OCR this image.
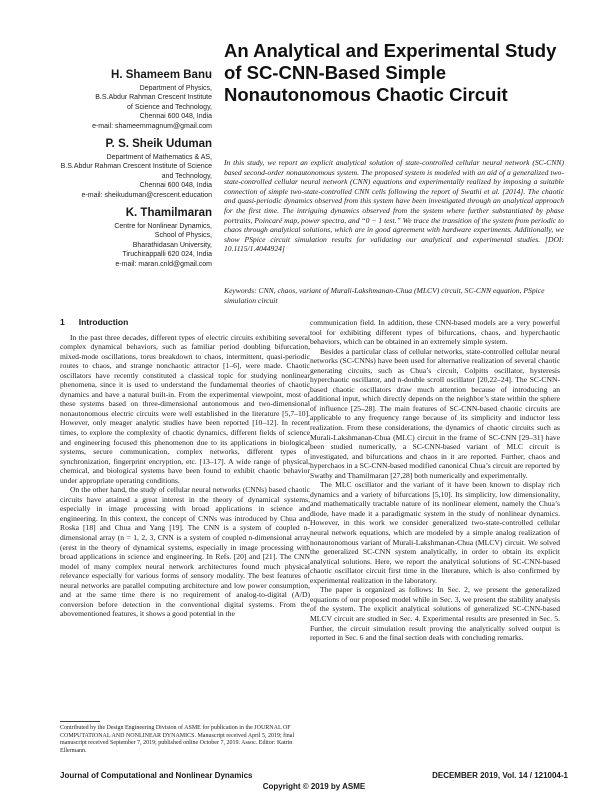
H. Shameem Banu
Department of Physics,
B.S.Abdur Rahman Crescent Institute
of Science and Technology,
Chennai 600 048, India
e-mail: shameemmagnum@gmail.com
P. S. Sheik Uduman
Department of Mathematics & AS,
B.S.Abdur Rahman Crescent Institute of Science
and Technology,
Chennai 600 048, India
e-mail: sheikuduman@crescent.education
K. Thamilmaran
Centre for Nonlinear Dynamics,
School of Physics,
Bharathidasan University,
Tiruchirappalli 620 024, India
e-mail: maran.cnld@gmail.com
An Analytical and Experimental Study of SC-CNN-Based Simple Nonautonomous Chaotic Circuit
In this study, we report an explicit analytical solution of state-controlled cellular neural network (SC-CNN) based second-order nonautonomous system. The proposed system is modeled with an aid of a generalized two-state-controlled cellular neural network (CNN) equations and experimentally realized by imposing a suitable connection of simple two-state-controlled CNN cells following the report of Swathi et al. [2014]. The chaotic and quasi-periodic dynamics observed from this system have been investigated through an analytical approach for the first time. The intriguing dynamics observed from the system where further substantiated by phase portraits, Poincaré map, power spectra, and “0 − 1 test.” We trace the transition of the system from periodic to chaos through analytical solutions, which are in good agreement with hardware experiments. Additionally, we show PSpice circuit simulation results for validating our analytical and experimental studies. [DOI: 10.1115/1.4044924]
Keywords: CNN, chaos, variant of Murali-Lakshmanan-Chua (MLCV) circuit, SC-CNN equation, PSpice simulation circuit
1 Introduction

In the past three decades, different types of electric circuits exhibiting several complex dynamical behaviors, such as familiar period doubling bifurcation, mixed-mode oscillations, torus breakdown to chaos, intermittent, quasi-periodic routes to chaos, and strange nonchaotic attractor [1–6], were made. Chaotic oscillators have recently constituted a classical topic for studying nonlinear phenomena, since it is used to understand the fundamental theories of chaotic dynamics and have a natural built-in. From the experimental viewpoint, most of these systems based on three-dimensional autonomous and two-dimensional nonautonomous electric circuits were well established in the literature [5,7–10]. However, only meager analytic studies have been reported [10–12]. In recent times, to explore the complexity of chaotic dynamics, different fields of science and engineering focused this phenomenon due to its applications in biological systems, secure communication, complex networks, different types of synchronization, fingerprint encryption, etc. [13–17]. A wide range of physical, chemical, and biological systems have been found to exhibit chaotic behavior under appropriate operating conditions.

On the other hand, the study of cellular neural networks (CNNs) based chaotic circuits have attained a great interest in the theory of dynamical systems, especially in image processing with broad applications in science and engineering. In this context, the concept of CNNs was introduced by Chua and Roska [18] and Chua and Yang [19]. The CNN is a system of coupled n-dimensional array (n = 1, 2, 3, CNN is a system of coupled n-dimensional array (erest in the theory of dynamical systems, especially in image processing with broad applications in science and engineering. In Refs. [20] and [21]. The CNN model of many complex neural network architectures found much physical relevance especially for various forms of sensory modality. The best features of neural networks are parallel computing architecture and low power consumption, and at the same time there is no requirement of analog-to-digital (A/D) conversion before detection in the conventional digital systems. From the abovementioned features, it shows a good potential in the

communication field. In addition, these CNN-based models are a very powerful tool for exhibiting different types of bifurcations, chaos, and hyperchaotic behaviors, which can be obtained in an extremely simple system.

Besides a particular class of cellular networks, state-controlled cellular neural networks (SC-CNNs) have been used for alternative realization of several chaotic generating circuits, such as Chua’s circuit, Colpitts oscillator, hysteresis hyperchaotic oscillator, and n-double scroll oscillator [20,22–24]. The SC-CNN-based chaotic oscillators draw much attention because of introducing an additional input, which directly depends on the neighbor’s state within the sphere of influence [25–28]. The main features of SC-CNN-based chaotic circuits are applicable to any frequency range because of its simplicity and inductor less realization. From these considerations, the dynamics of chaotic circuits such as Murali-Lakshmanan-Chua (MLC) circuit in the frame of SC-CNN [29–31] have been studied numerically, a SC-CNN-based variant of MLC circuit is investigated, and bifurcations and chaos in it are reported. Further, chaos and hyperchaos in a SC-CNN-based modified canonical Chua’s circuit are reported by Swathy and Thamilmaran [27,28] both numerically and experimentally.

The MLC oscillator and the variant of it have been known to display rich dynamics and a variety of bifurcations [5,10]. Its simplicity, low dimensionality, and mathematically tractable nature of its nonlinear element, namely the Chua’s diode, have made it a paradigmatic system in the study of nonlinear dynamics. However, in this work we consider generalized two-state-controlled cellular neural network equations, which are modeled by a simple analog realization of nonautonomous variant of Murali-Lakshmanan-Chua (MLCV) circuit. We solved the generalized SC-CNN system analytically, in order to obtain its explicit analytical solutions. Here, we report the analytical solutions of SC-CNN-based chaotic oscillator circuit first time in the literature, which is also confirmed by experimental realization in the laboratory.

The paper is organized as follows: In Sec. 2, we present the generalized equations of our proposed model while in Sec. 3, we present the stability analysis of the system. The explicit analytical solutions of generalized SC-CNN-based MLCV circuit are studied in Sec. 4. Experimental results are presented in Sec. 5. Further, the circuit simulation result proving the analytically solved output is reported in Sec. 6 and the final section deals with concluding remarks.

Contributed by the Design Engineering Division of ASME for publication in the JOURNAL OF COMPUTATIONAL AND NONLINEAR DYNAMICS. Manuscript received April 5, 2019; final manuscript received September 7, 2019; published online October 7, 2019. Assoc. Editor: Katrin Ellermann.
Journal of Computational and Nonlinear Dynamics	DECEMBER 2019, Vol. 14 / 121004-1
Copyright © 2019 by ASME
